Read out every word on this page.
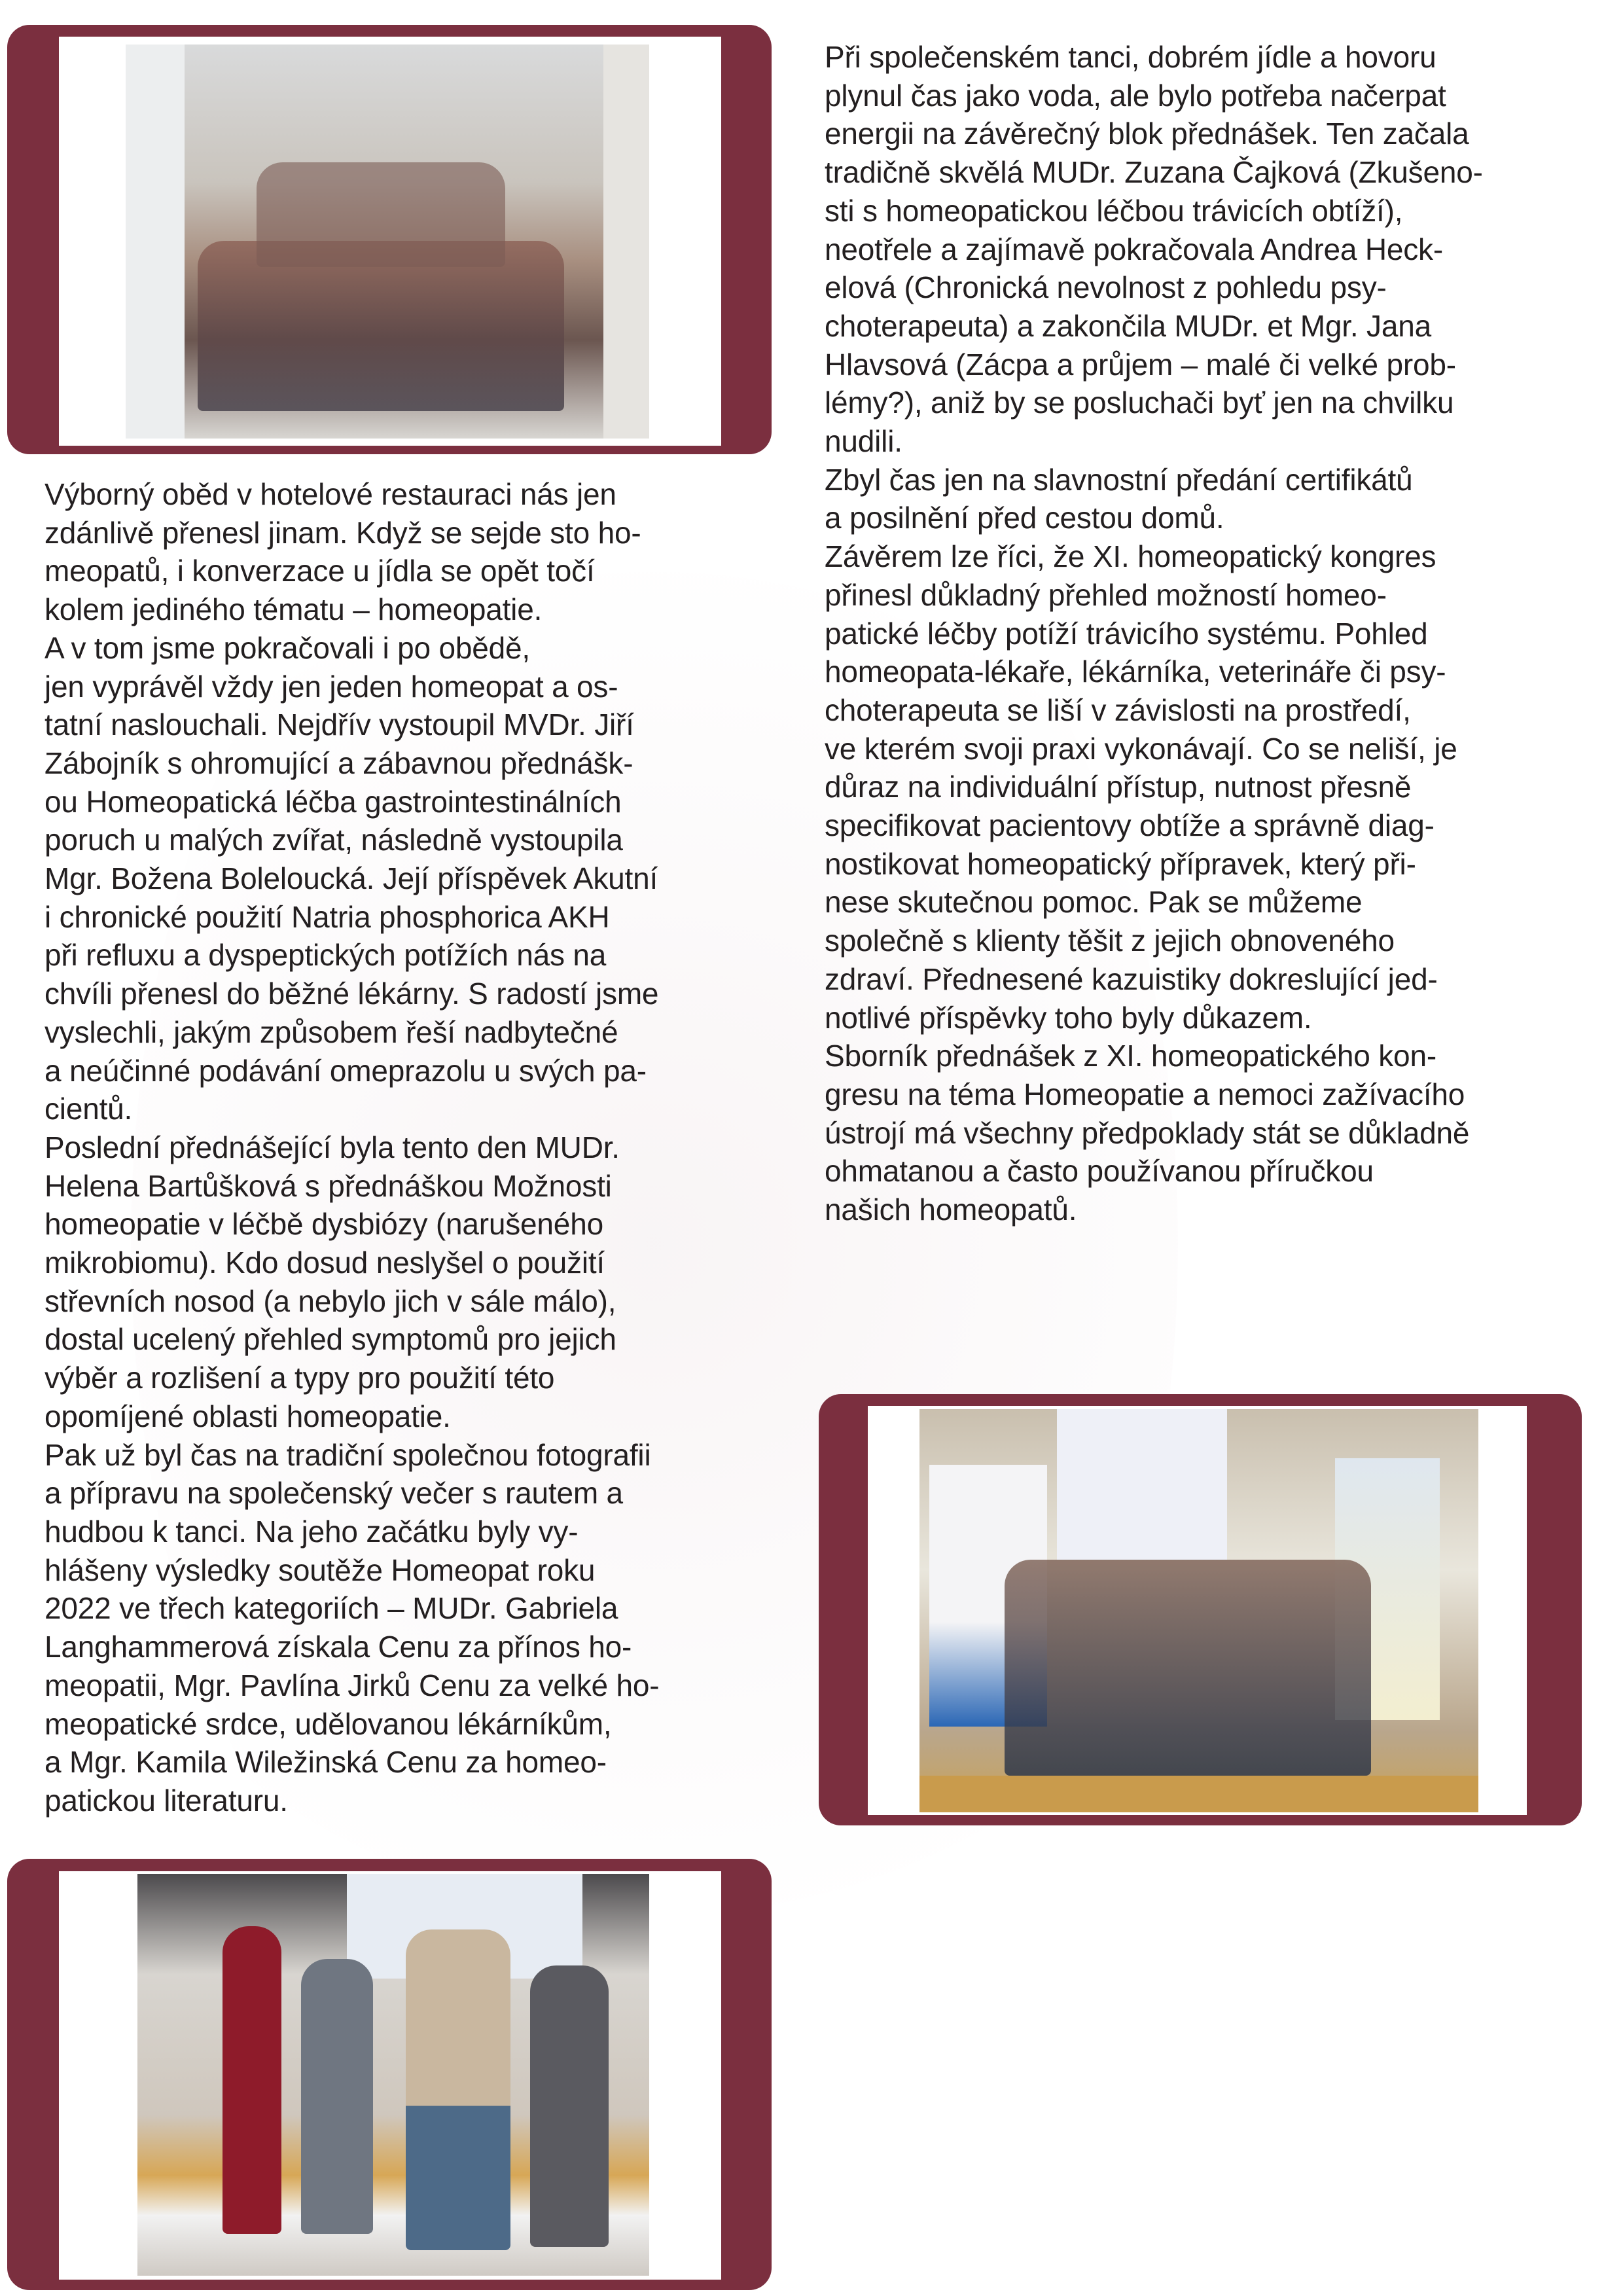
Výborný oběd v hotelové restauraci nás jen
zdánlivě přenesl jinam. Když se sejde sto ho-
meopatů, i konverzace u jídla se opět točí
kolem jediného tématu – homeopatie.
A v tom jsme pokračovali i po obědě,
jen vyprávěl vždy jen jeden homeopat a os-
tatní naslouchali. Nejdřív vystoupil MVDr. Jiří
Zábojník s ohromující a zábavnou přednášk-
ou Homeopatická léčba gastrointestinálních
poruch u malých zvířat, následně vystoupila
Mgr. Božena Boleloucká. Její příspěvek Akutní
i chronické použití Natria phosphorica AKH
při refluxu a dyspeptických potížích nás na
chvíli přenesl do běžné lékárny. S radostí jsme
vyslechli, jakým způsobem řeší nadbytečné
a neúčinné podávání omeprazolu u svých pa-
cientů.
Poslední přednášející byla tento den MUDr.
Helena Bartůšková s přednáškou Možnosti
homeopatie v léčbě dysbiózy (narušeného
mikrobiomu). Kdo dosud neslyšel o použití
střevních nosod (a nebylo jich v sále málo),
dostal ucelený přehled symptomů pro jejich
výběr a rozlišení a typy pro použití této
opomíjené oblasti homeopatie.
Pak už byl čas na tradiční společnou fotografii
a přípravu na společenský večer s rautem a
hudbou k tanci. Na jeho začátku byly vy-
hlášeny výsledky soutěže Homeopat roku
2022 ve třech kategoriích – MUDr. Gabriela
Langhammerová získala Cenu za přínos ho-
meopatii, Mgr. Pavlína Jirků Cenu za velké ho-
meopatické srdce, udělovanou lékárníkům,
a Mgr. Kamila Wiležinská Cenu za homeo-
patickou literaturu.
Při společenském tanci, dobrém jídle a hovoru
plynul čas jako voda, ale bylo potřeba načerpat
energii na závěrečný blok přednášek. Ten začala
tradičně skvělá MUDr. Zuzana Čajková (Zkušeno-
sti s homeopatickou léčbou trávicích obtíží),
neotřele a zajímavě pokračovala Andrea Heck-
elová (Chronická nevolnost z pohledu psy-
choterapeuta) a zakončila MUDr. et Mgr. Jana
Hlavsová (Zácpa a průjem – malé či velké prob-
lémy?), aniž by se posluchači byť jen na chvilku
nudili.
Zbyl čas jen na slavnostní předání certifikátů
a posilnění před cestou domů.
Závěrem lze říci, že XI. homeopatický kongres
přinesl důkladný přehled možností homeo-
patické léčby potíží trávicího systému. Pohled
homeopata-lékaře, lékárníka, veterináře či psy-
choterapeuta se liší v závislosti na prostředí,
ve kterém svoji praxi vykonávají. Co se neliší, je
důraz na individuální přístup, nutnost přesně
specifikovat pacientovy obtíže a správně diag-
nostikovat homeopatický přípravek, který při-
nese skutečnou pomoc. Pak se můžeme
společně s klienty těšit z jejich obnoveného
zdraví. Přednesené kazuistiky dokreslující jed-
notlivé příspěvky toho byly důkazem.
Sborník přednášek z XI. homeopatického kon-
gresu na téma Homeopatie a nemoci zažívacího
ústrojí má všechny předpoklady stát se důkladně
ohmatanou a často používanou příručkou
našich homeopatů.
